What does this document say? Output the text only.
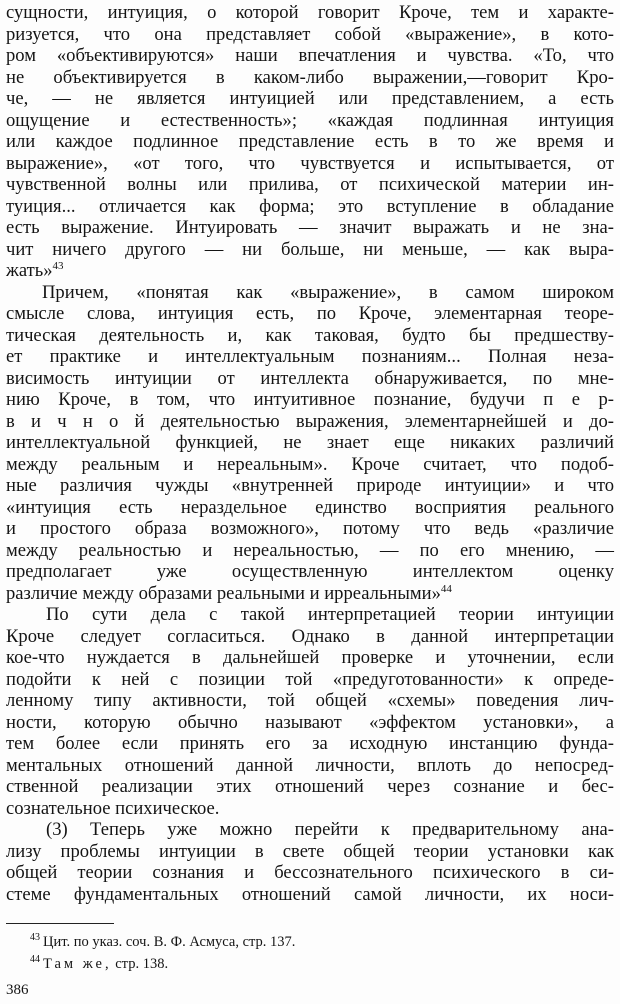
сущности, интуиция, о которой говорит Кроче, тем и характе-
ризуется, что она представляет собой «выражение», в кото-
ром «объективируются» наши впечатления и чувства. «То, что
не объективируется в каком-либо выражении,—говорит Кро-
че, — не является интуицией или представлением, а есть
ощущение и естественность»; «каждая подлинная интуиция
или каждое подлинное представление есть в то же время и
выражение», «от того, что чувствуется и испытывается, от
чувственной волны или прилива, от психической материи ин-
туиция... отличается как форма; это вступление в обладание
есть выражение. Интуировать — значит выражать и не зна-
чит ничего другого — ни больше, ни меньше, — как выра-
жать»$^{43}$
Причем, «понятая как «выражение», в самом широком
смысле слова, интуиция есть, по Кроче, элементарная теоре-
тическая деятельность и, как таковая, будто бы предшеству-
ет практике и интеллектуальным познаниям... Полная неза-
висимость интуиции от интеллекта обнаруживается, по мне-
нию Кроче, в том, что интуитивное познание, будучи п е р-
в и ч н о й деятельностью выражения, элементарнейшей и до-
интеллектуальной функцией, не знает еще никаких различий
между реальным и нереальным». Кроче считает, что подоб-
ные различия чужды «внутренней природе интуиции» и что
«интуиция есть нераздельное единство восприятия реального
и простого образа возможного», потому что ведь «различие
между реальностью и нереальностью, — по его мнению, —
предполагает уже осуществленную интеллектом оценку
различие между образами реальными и ирреальными»$^{44}$
По сути дела с такой интерпретацией теории интуиции
Кроче следует согласиться. Однако в данной интерпретации
кое-что нуждается в дальнейшей проверке и уточнении, если
подойти к ней с позиции той «предуготованности» к опреде-
ленному типу активности, той общей «схемы» поведения лич-
ности, которую обычно называют «эффектом установки», а
тем более если принять его за исходную инстанцию фунда-
ментальных отношений данной личности, вплоть до непосред-
ственной реализации этих отношений через сознание и бес-
сознательное психическое.
(3) Теперь уже можно перейти к предварительному ана-
лизу проблемы интуиции в свете общей теории установки как
общей теории сознания и бессознательного психического в си-
стеме фундаментальных отношений самой личности, их носи-
$^{43}$ Цит. по указ. соч. В. Ф. Асмуса, стр. 137.
$^{44}$ Там же, стр. 138.
386
